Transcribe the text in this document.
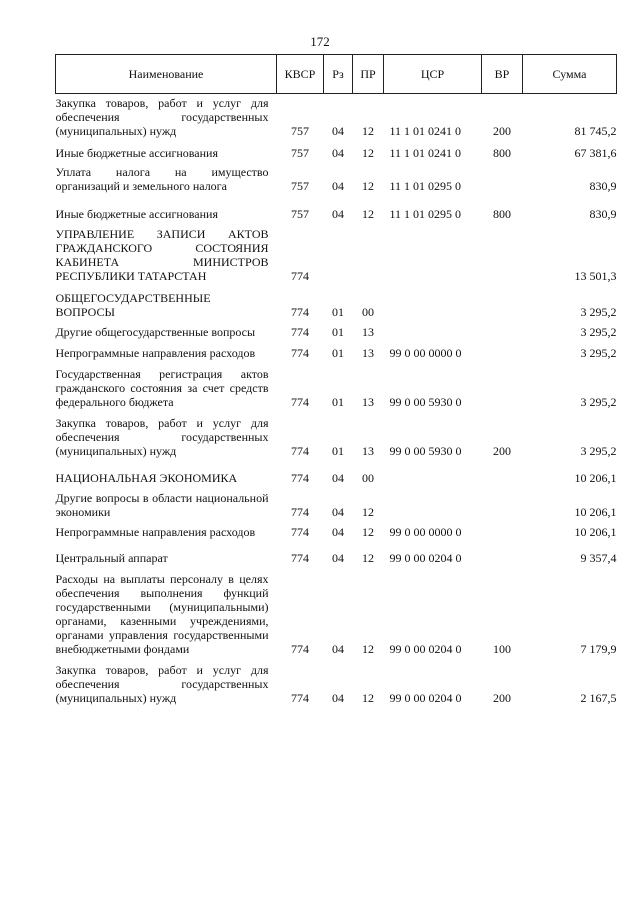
172
Наименование	КВСР	Рз	ПР	ЦСР	ВР	Сумма
Закупка товаров, работ и услуг для обеспечения государственных (муниципальных) нужд	757	04	12	11 1 01 0241 0	200	81 745,2
Иные бюджетные ассигнования	757	04	12	11 1 01 0241 0	800	67 381,6
Уплата налога на имущество организаций и земельного налога	757	04	12	11 1 01 0295 0		830,9
Иные бюджетные ассигнования	757	04	12	11 1 01 0295 0	800	830,9
УПРАВЛЕНИЕ ЗАПИСИ АКТОВ ГРАЖДАНСКОГО СОСТОЯНИЯ КАБИНЕТА МИНИСТРОВ РЕСПУБЛИКИ ТАТАРСТАН	774					13 501,3
ОБЩЕГОСУДАРСТВЕННЫЕ ВОПРОСЫ	774	01	00			3 295,2
Другие общегосударственные вопросы	774	01	13			3 295,2
Непрограммные направления расходов	774	01	13	99 0 00 0000 0		3 295,2
Государственная регистрация актов гражданского состояния за счет средств федерального бюджета	774	01	13	99 0 00 5930 0		3 295,2
Закупка товаров, работ и услуг для обеспечения государственных (муниципальных) нужд	774	01	13	99 0 00 5930 0	200	3 295,2
НАЦИОНАЛЬНАЯ ЭКОНОМИКА	774	04	00			10 206,1
Другие вопросы в области национальной экономики	774	04	12			10 206,1
Непрограммные направления расходов	774	04	12	99 0 00 0000 0		10 206,1
Центральный аппарат	774	04	12	99 0 00 0204 0		9 357,4
Расходы на выплаты персоналу в целях обеспечения выполнения функций государственными (муниципальными) органами, казенными учреждениями, органами управления государственными внебюджетными фондами	774	04	12	99 0 00 0204 0	100	7 179,9
Закупка товаров, работ и услуг для обеспечения государственных (муниципальных) нужд	774	04	12	99 0 00 0204 0	200	2 167,5
